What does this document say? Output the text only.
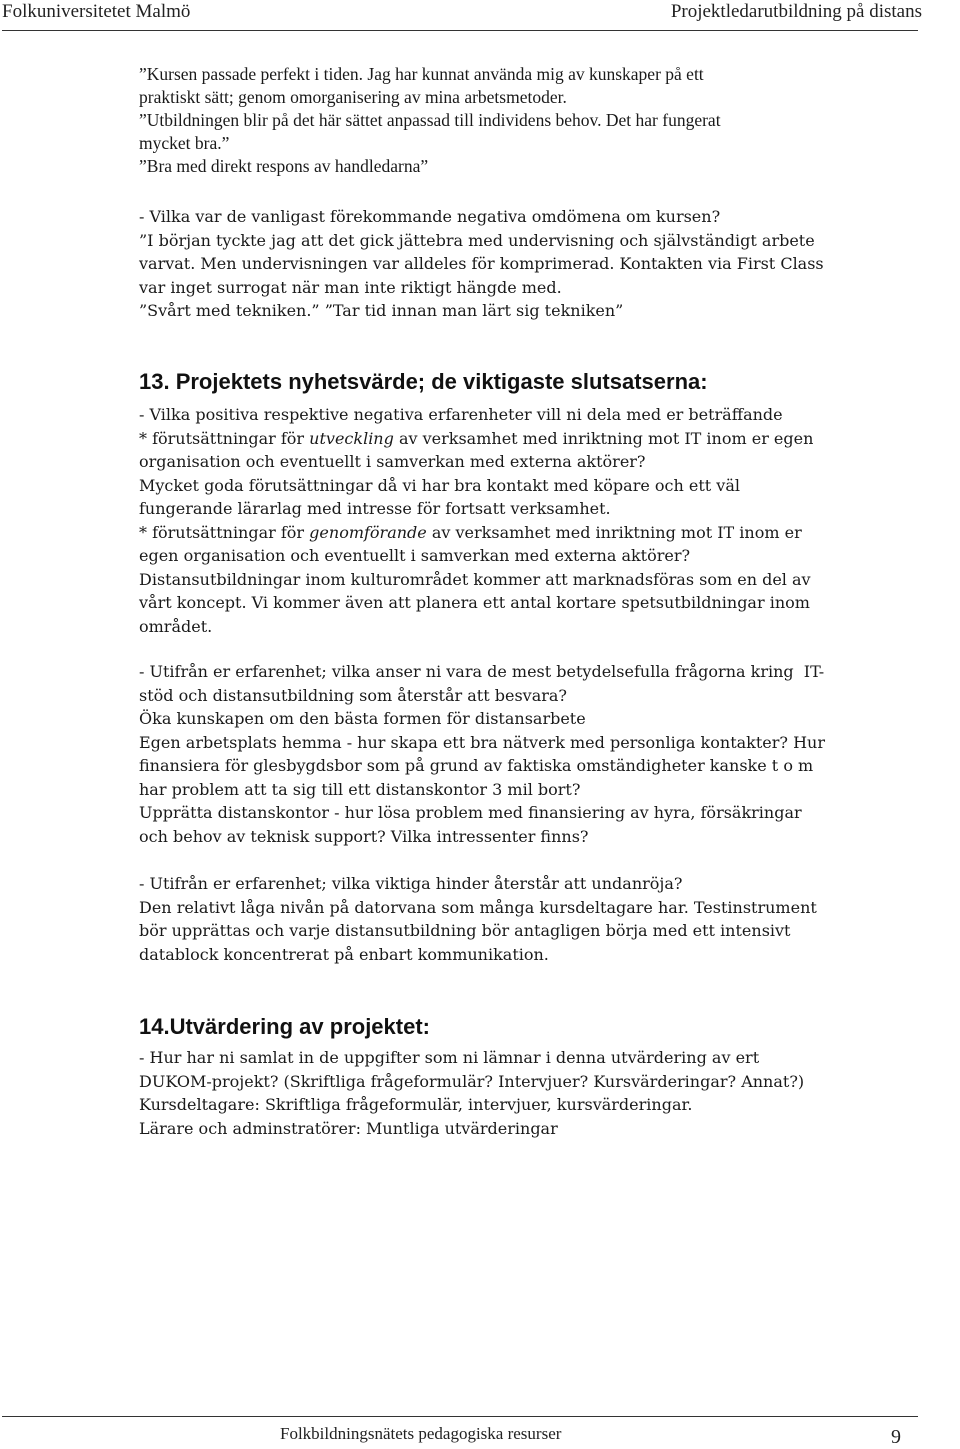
Folkuniversitetet Malmö	Projektledarutbildning på distans

”Kursen passade perfekt i tiden. Jag har kunnat använda mig av kunskaper på ett

praktiskt sätt; genom omorganisering av mina arbetsmetoder.

”Utbildningen blir på det här sättet anpassad till individens behov. Det har fungerat

mycket bra.”

”Bra med direkt respons av handledarna”

- Vilka var de vanligast förekommande negativa omdömena om kursen?

”I början tyckte jag att det gick jättebra med undervisning och självständigt arbete

varvat. Men undervisningen var alldeles för komprimerad. Kontakten via First Class

var inget surrogat när man inte riktigt hängde med.

”Svårt med tekniken.” ”Tar tid innan man lärt sig tekniken”

13. Projektets nyhetsvärde; de viktigaste slutsatserna:

- Vilka positiva respektive negativa erfarenheter vill ni dela med er beträffande

* förutsättningar för utveckling av verksamhet med inriktning mot IT inom er egen

organisation och eventuellt i samverkan med externa aktörer?

Mycket goda förutsättningar då vi har bra kontakt med köpare och ett väl

fungerande lärarlag med intresse för fortsatt verksamhet.

* förutsättningar för genomförande av verksamhet med inriktning mot IT inom er

egen organisation och eventuellt i samverkan med externa aktörer?

Distansutbildningar inom kulturområdet kommer att marknadsföras som en del av

vårt koncept. Vi kommer även att planera ett antal kortare spetsutbildningar inom

området.

- Utifrån er erfarenhet; vilka anser ni vara de mest betydelsefulla frågorna kring  IT-

stöd och distansutbildning som återstår att besvara?

Öka kunskapen om den bästa formen för distansarbete

Egen arbetsplats hemma - hur skapa ett bra nätverk med personliga kontakter? Hur

finansiera för glesbygdsbor som på grund av faktiska omständigheter kanske t o m

har problem att ta sig till ett distanskontor 3 mil bort?

Upprätta distanskontor - hur lösa problem med finansiering av hyra, försäkringar

och behov av teknisk support? Vilka intressenter finns?

- Utifrån er erfarenhet; vilka viktiga hinder återstår att undanröja?

Den relativt låga nivån på datorvana som många kursdeltagare har. Testinstrument

bör upprättas och varje distansutbildning bör antagligen börja med ett intensivt

datablock koncentrerat på enbart kommunikation.

14.Utvärdering av projektet:

- Hur har ni samlat in de uppgifter som ni lämnar i denna utvärdering av ert

DUKOM-projekt? (Skriftliga frågeformulär? Intervjuer? Kursvärderingar? Annat?)

Kursdeltagare: Skriftliga frågeformulär, intervjuer, kursvärderingar.

Lärare och adminstratörer: Muntliga utvärderingar

Folkbildningsnätets pedagogiska resurser	9
